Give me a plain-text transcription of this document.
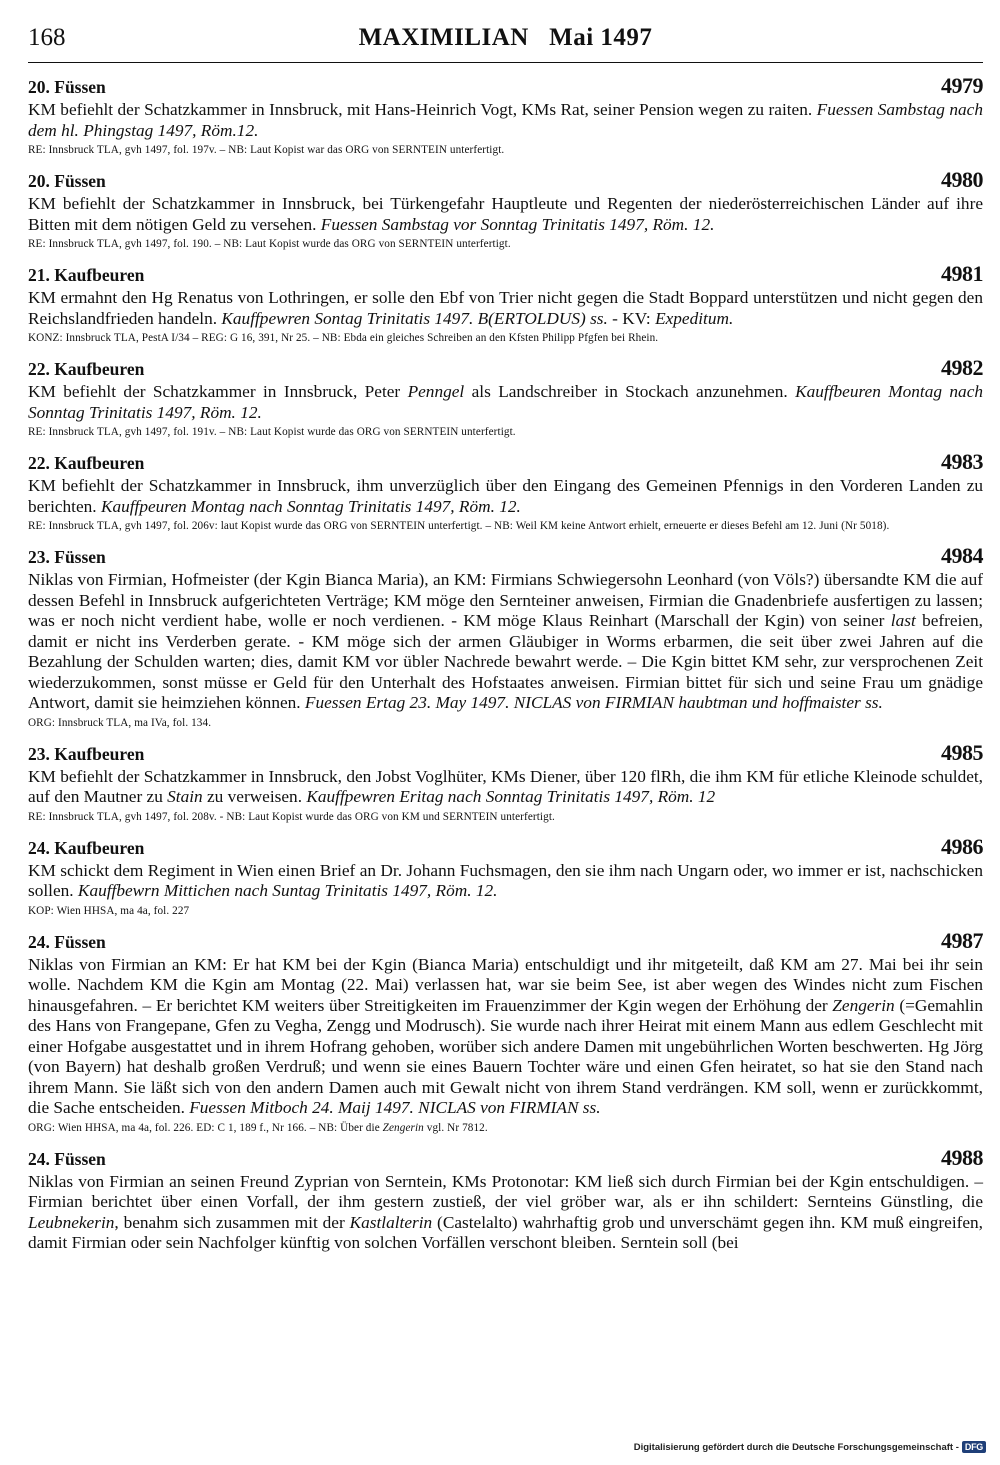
168	MAXIMILIAN   Mai 1497
20. Füssen	4979
KM befiehlt der Schatzkammer in Innsbruck, mit Hans-Heinrich Vogt, KMs Rat, seiner Pension wegen zu raiten. Fuessen Sambstag nach dem hl. Phingstag 1497, Röm.12.
RE: Innsbruck TLA, gvh 1497, fol. 197v. – NB: Laut Kopist war das ORG von SERNTEIN unterfertigt.
20. Füssen	4980
KM befiehlt der Schatzkammer in Innsbruck, bei Türkengefahr Hauptleute und Regenten der niederösterreichischen Länder auf ihre Bitten mit dem nötigen Geld zu versehen. Fuessen Sambstag vor Sonntag Trinitatis 1497, Röm. 12.
RE: Innsbruck TLA, gvh 1497, fol. 190. – NB: Laut Kopist wurde das ORG von SERNTEIN unterfertigt.
21. Kaufbeuren	4981
KM ermahnt den Hg Renatus von Lothringen, er solle den Ebf von Trier nicht gegen die Stadt Boppard unterstützen und nicht gegen den Reichslandfrieden handeln. Kauffpewren Sontag Trinitatis 1497. B(ERTOLDUS) ss. - KV: Expeditum.
KONZ: Innsbruck TLA, PestA I/34 – REG: G 16, 391, Nr 25. – NB: Ebda ein gleiches Schreiben an den Kfsten Philipp Pfgfen bei Rhein.
22. Kaufbeuren	4982
KM befiehlt der Schatzkammer in Innsbruck, Peter Penngel als Landschreiber in Stockach anzunehmen. Kauffbeuren Montag nach Sonntag Trinitatis 1497, Röm. 12.
RE: Innsbruck TLA, gvh 1497, fol. 191v. – NB: Laut Kopist wurde das ORG von SERNTEIN unterfertigt.
22. Kaufbeuren	4983
KM befiehlt der Schatzkammer in Innsbruck, ihm unverzüglich über den Eingang des Gemeinen Pfennigs in den Vorderen Landen zu berichten. Kauffpeuren Montag nach Sonntag Trinitatis 1497, Röm. 12.
RE: Innsbruck TLA, gvh 1497, fol. 206v: laut Kopist wurde das ORG von SERNTEIN unterfertigt. – NB: Weil KM keine Antwort erhielt, erneuerte er dieses Befehl am 12. Juni (Nr 5018).
23. Füssen	4984
Niklas von Firmian, Hofmeister (der Kgin Bianca Maria), an KM: Firmians Schwiegersohn Leonhard (von Völs?) übersandte KM die auf dessen Befehl in Innsbruck aufgerichteten Verträge; KM möge den Sernteiner anweisen, Firmian die Gnadenbriefe ausfertigen zu lassen; was er noch nicht verdient habe, wolle er noch verdienen. - KM möge Klaus Reinhart (Marschall der Kgin) von seiner last befreien, damit er nicht ins Verderben gerate. - KM möge sich der armen Gläubiger in Worms erbarmen, die seit über zwei Jahren auf die Bezahlung der Schulden warten; dies, damit KM vor übler Nachrede bewahrt werde. – Die Kgin bittet KM sehr, zur versprochenen Zeit wiederzukommen, sonst müsse er Geld für den Unterhalt des Hofstaates anweisen. Firmian bittet für sich und seine Frau um gnädige Antwort, damit sie heimziehen können. Fuessen Ertag 23. May 1497. NICLAS von FIRMIAN haubtman und hoffmaister ss.
ORG: Innsbruck TLA, ma IVa, fol. 134.
23. Kaufbeuren	4985
KM befiehlt der Schatzkammer in Innsbruck, den Jobst Voglhüter, KMs Diener, über 120 flRh, die ihm KM für etliche Kleinode schuldet, auf den Mautner zu Stain zu verweisen. Kauffpewren Eritag nach Sonntag Trinitatis 1497, Röm. 12
RE: Innsbruck TLA, gvh 1497, fol. 208v. - NB: Laut Kopist wurde das ORG von KM und SERNTEIN unterfertigt.
24. Kaufbeuren	4986
KM schickt dem Regiment in Wien einen Brief an Dr. Johann Fuchsmagen, den sie ihm nach Ungarn oder, wo immer er ist, nachschicken sollen. Kauffbewrn Mittichen nach Suntag Trinitatis 1497, Röm. 12.
KOP: Wien HHSA, ma 4a, fol. 227
24. Füssen	4987
Niklas von Firmian an KM: Er hat KM bei der Kgin (Bianca Maria) entschuldigt und ihr mitgeteilt, daß KM am 27. Mai bei ihr sein wolle. Nachdem KM die Kgin am Montag (22. Mai) verlassen hat, war sie beim See, ist aber wegen des Windes nicht zum Fischen hinausgefahren. – Er berichtet KM weiters über Streitigkeiten im Frauenzimmer der Kgin wegen der Erhöhung der Zengerin (=Gemahlin des Hans von Frangepane, Gfen zu Vegha, Zengg und Modrusch). Sie wurde nach ihrer Heirat mit einem Mann aus edlem Geschlecht mit einer Hofgabe ausgestattet und in ihrem Hofrang gehoben, worüber sich andere Damen mit ungebührlichen Worten beschwerten. Hg Jörg (von Bayern) hat deshalb großen Verdruß; und wenn sie eines Bauern Tochter wäre und einen Gfen heiratet, so hat sie den Stand nach ihrem Mann. Sie läßt sich von den andern Damen auch mit Gewalt nicht von ihrem Stand verdrängen. KM soll, wenn er zurückkommt, die Sache entscheiden. Fuessen Mitboch 24. Maij 1497. NICLAS von FIRMIAN ss.
ORG: Wien HHSA, ma 4a, fol. 226. ED: C 1, 189 f., Nr 166. – NB: Über die Zengerin vgl. Nr 7812.
24. Füssen	4988
Niklas von Firmian an seinen Freund Zyprian von Serntein, KMs Protonotar: KM ließ sich durch Firmian bei der Kgin entschuldigen. – Firmian berichtet über einen Vorfall, der ihm gestern zustieß, der viel gröber war, als er ihn schildert: Sernteins Günstling, die Leubnekerin, benahm sich zusammen mit der Kastlalterin (Castelalto) wahrhaftig grob und unverschämt gegen ihn. KM muß eingreifen, damit Firmian oder sein Nachfolger künftig von solchen Vorfällen verschont bleiben. Serntein soll (bei
Digitalisierung gefördert durch die Deutsche Forschungsgemeinschaft - DFG
